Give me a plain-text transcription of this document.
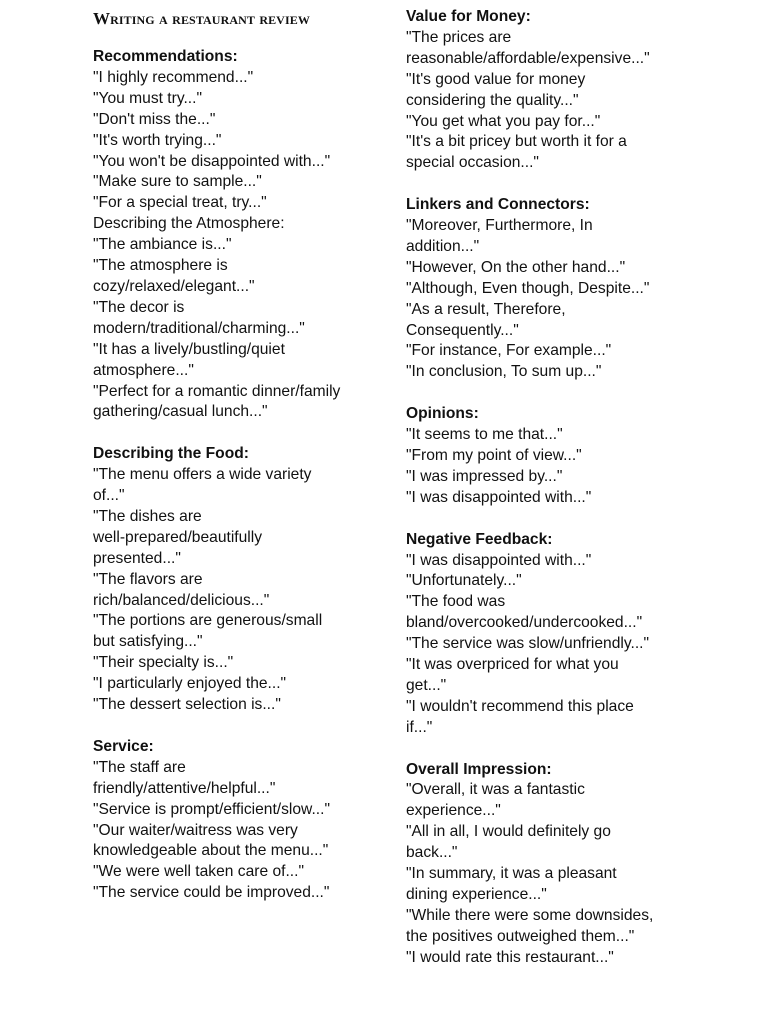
Writing a restaurant review
Recommendations:
"I highly recommend..."
"You must try..."
"Don't miss the..."
"It's worth trying..."
"You won't be disappointed with..."
"Make sure to sample..."
"For a special treat, try..."
Describing the Atmosphere:
"The ambiance is..."
"The atmosphere is
cozy/relaxed/elegant..."
"The decor is
modern/traditional/charming..."
"It has a lively/bustling/quiet
atmosphere..."
"Perfect for a romantic dinner/family
gathering/casual lunch..."
Describing the Food:
"The menu offers a wide variety
of..."
"The dishes are
well-prepared/beautifully
presented..."
"The flavors are
rich/balanced/delicious..."
"The portions are generous/small
but satisfying..."
"Their specialty is..."
"I particularly enjoyed the..."
"The dessert selection is..."
Service:
"The staff are
friendly/attentive/helpful..."
"Service is prompt/efficient/slow..."
"Our waiter/waitress was very
knowledgeable about the menu..."
"We were well taken care of..."
"The service could be improved..."
Value for Money:
"The prices are
reasonable/affordable/expensive..."
"It's good value for money
considering the quality..."
"You get what you pay for..."
"It's a bit pricey but worth it for a
special occasion..."
Linkers and Connectors:
"Moreover, Furthermore, In
addition..."
"However, On the other hand..."
"Although, Even though, Despite..."
"As a result, Therefore,
Consequently..."
"For instance, For example..."
"In conclusion, To sum up..."
Opinions:
"It seems to me that..."
"From my point of view..."
"I was impressed by..."
"I was disappointed with..."
Negative Feedback:
"I was disappointed with..."
"Unfortunately..."
"The food was
bland/overcooked/undercooked..."
"The service was slow/unfriendly..."
"It was overpriced for what you
get..."
"I wouldn't recommend this place
if..."
Overall Impression:
"Overall, it was a fantastic
experience..."
"All in all, I would definitely go
back..."
"In summary, it was a pleasant
dining experience..."
"While there were some downsides,
the positives outweighed them..."
"I would rate this restaurant..."
